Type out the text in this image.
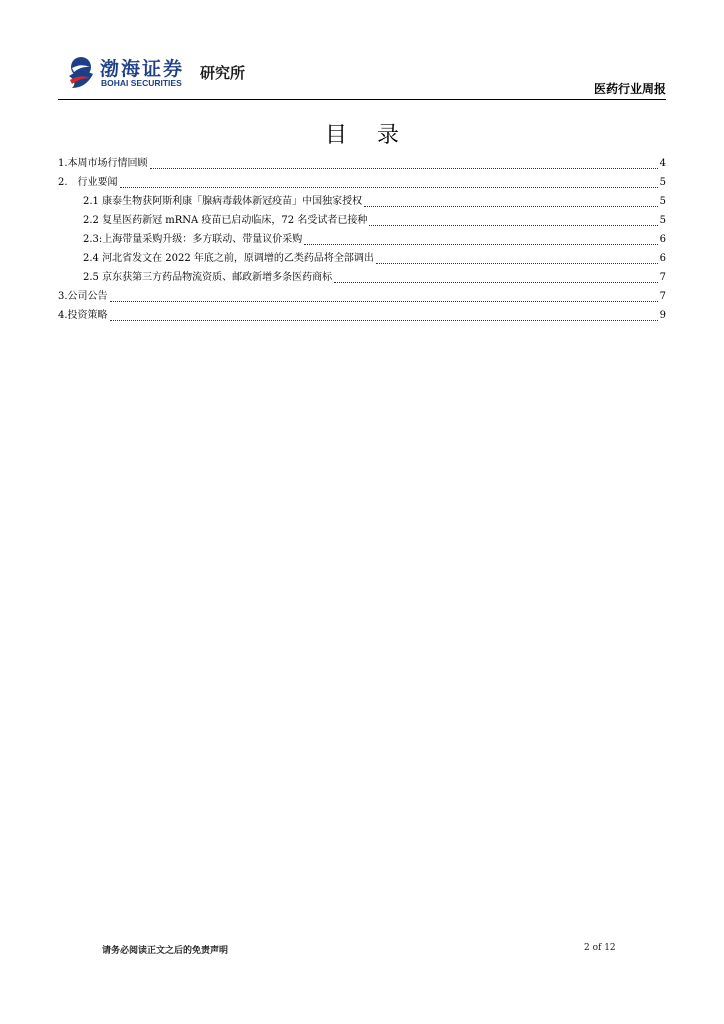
渤海证券
BOHAI SECURITIES
研究所
医药行业周报
目录
1.本周市场行情回顾	4
2.　行业要闻	5
2.1 康泰生物获阿斯利康「腺病毒载体新冠疫苗」中国独家授权	5
2.2 复星医药新冠 mRNA 疫苗已启动临床，72 名受试者已接种	5
2.3:上海带量采购升级：多方联动、带量议价采购	6
2.4 河北省发文在 2022 年底之前，原调增的乙类药品将全部调出	6
2.5 京东获第三方药品物流资质、邮政新增多条医药商标	7
3.公司公告	7
4.投资策略	9
请务必阅读正文之后的免责声明	2 of 12
